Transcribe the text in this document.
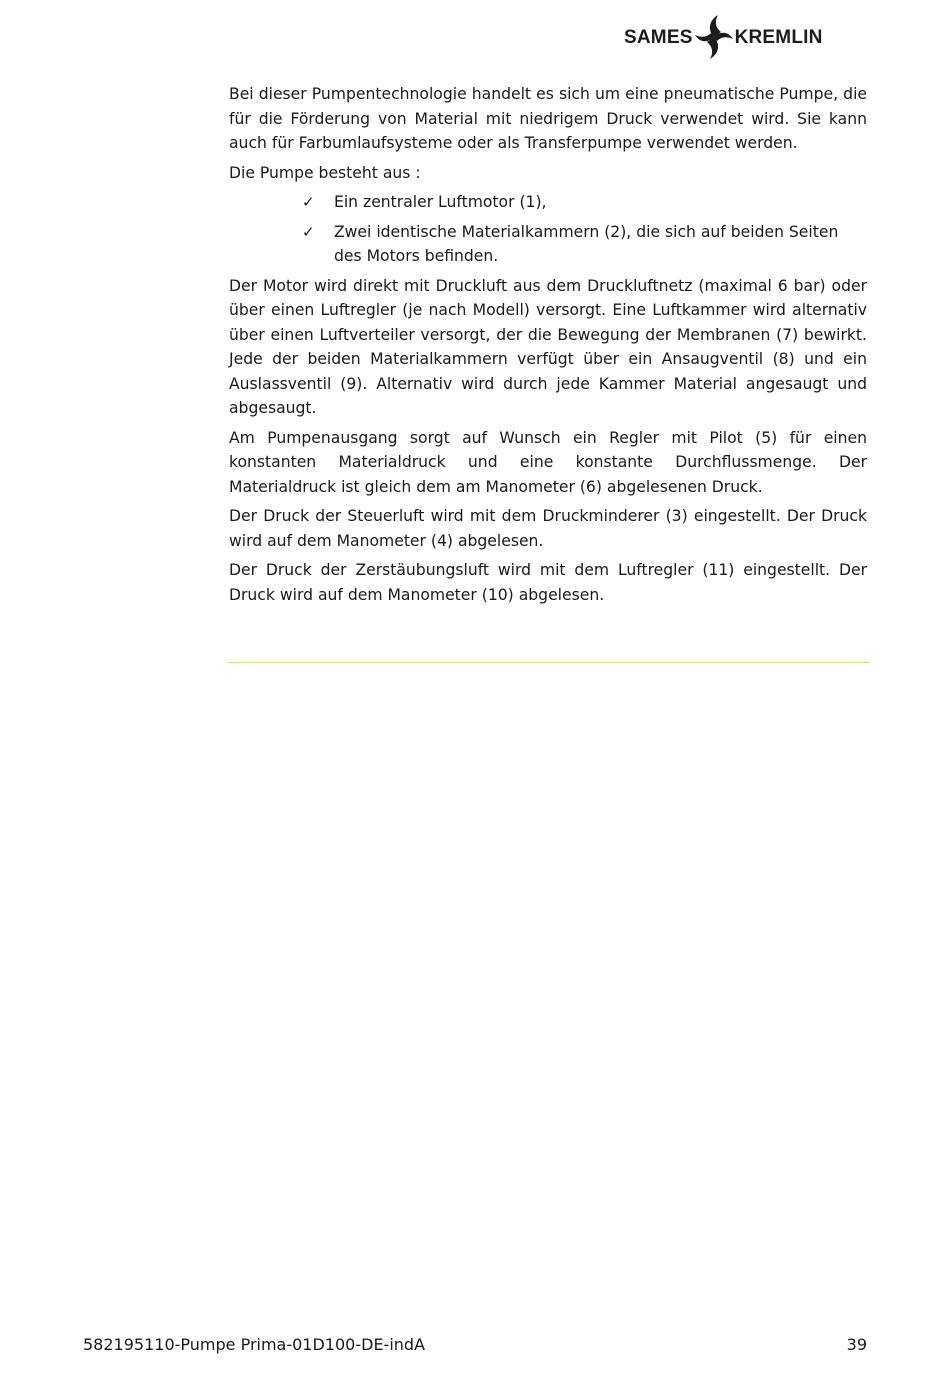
SAMES KREMLIN

Bei dieser Pumpentechnologie handelt es sich um eine pneumatische Pumpe, die für die Förderung von Material mit niedrigem Druck verwendet wird. Sie kann auch für Farbumlaufsysteme oder als Transferpumpe verwendet werden.

Die Pumpe besteht aus :

✓ Ein zentraler Luftmotor (1),
✓ Zwei identische Materialkammern (2), die sich auf beiden Seiten des Motors befinden.

Der Motor wird direkt mit Druckluft aus dem Druckluftnetz (maximal 6 bar) oder über einen Luftregler (je nach Modell) versorgt. Eine Luftkammer wird alternativ über einen Luftverteiler versorgt, der die Bewegung der Membranen (7) bewirkt. Jede der beiden Materialkammern verfügt über ein Ansaugventil (8) und ein Auslassventil (9). Alternativ wird durch jede Kammer Material angesaugt und abgesaugt.

Am Pumpenausgang sorgt auf Wunsch ein Regler mit Pilot (5) für einen konstanten Materialdruck und eine konstante Durchflussmenge. Der Materialdruck ist gleich dem am Manometer (6) abgelesenen Druck.

Der Druck der Steuerluft wird mit dem Druckminderer (3) eingestellt. Der Druck wird auf dem Manometer (4) abgelesen.

Der Druck der Zerstäubungsluft wird mit dem Luftregler (11) eingestellt. Der Druck wird auf dem Manometer (10) abgelesen.

582195110-Pumpe Prima-01D100-DE-indA	39
